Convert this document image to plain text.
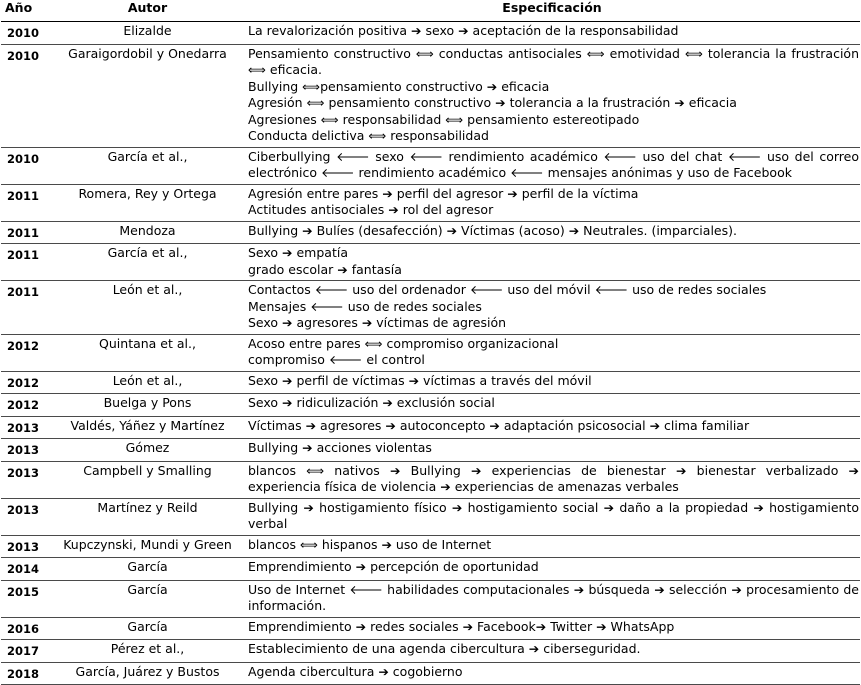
Año	Autor	Especificación
2010	Elizalde	La revalorización positiva ➔ sexo ➔ aceptación de la responsabilidad

2010	Garaigordobil y Onedarra	Pensamiento constructivo ⟺ conductas antisociales ⟺ emotividad ⟺ tolerancia la frustración ⟺ eficacia.
Bullying ⟺pensamiento constructivo ➔ eficacia
Agresión ⟺ pensamiento constructivo ➔ tolerancia a la frustración ➔ eficacia
Agresiones ⟺ responsabilidad ⟺ pensamiento estereotipado
Conducta delictiva ⟺ responsabilidad

2010	García et al.,	Ciberbullying 🡐 sexo 🡐 rendimiento académico 🡐 uso del chat 🡐 uso del correo electrónico 🡐 rendimiento académico 🡐 mensajes anónimas y uso de Facebook

2011	Romera, Rey y Ortega	Agresión entre pares ➔ perfil del agresor ➔ perfil de la víctima
Actitudes antisociales ➔ rol del agresor

2011	Mendoza	Bullying ➔ Bulíes (desafección) ➔ Víctimas (acoso) ➔ Neutrales. (imparciales).

2011	García et al.,	Sexo ➔ empatía
grado escolar ➔ fantasía

2011	León et al.,	Contactos 🡐 uso del ordenador 🡐 uso del móvil 🡐 uso de redes sociales
Mensajes 🡐 uso de redes sociales
Sexo ➔ agresores ➔ víctimas de agresión

2012	Quintana et al.,	Acoso entre pares ⟺ compromiso organizacional
compromiso 🡐 el control

2012	León et al.,	Sexo ➔ perfil de víctimas ➔ víctimas a través del móvil

2012	Buelga y Pons	Sexo ➔ ridiculización ➔ exclusión social

2013	Valdés, Yáñez y Martínez	Víctimas ➔ agresores ➔ autoconcepto ➔ adaptación psicosocial ➔ clima familiar

2013	Gómez	Bullying ➔ acciones violentas

2013	Campbell y Smalling	blancos ⟺ nativos ➔ Bullying ➔ experiencias de bienestar ➔ bienestar verbalizado ➔ experiencia física de violencia ➔ experiencias de amenazas verbales

2013	Martínez y Reild	Bullying ➔ hostigamiento físico ➔ hostigamiento social ➔ daño a la propiedad ➔ hostigamiento verbal

2013	Kupczynski, Mundi y Green	blancos ⟺ hispanos ➔ uso de Internet

2014	García	Emprendimiento ➔ percepción de oportunidad

2015	García	Uso de Internet 🡐 habilidades computacionales ➔ búsqueda ➔ selección ➔ procesamiento de información.

2016	García	Emprendimiento ➔ redes sociales ➔ Facebook➔ Twitter ➔ WhatsApp

2017	Pérez et al.,	Establecimiento de una agenda cibercultura ➔ ciberseguridad.

2018	García, Juárez y Bustos	Agenda cibercultura ➔ cogobierno
